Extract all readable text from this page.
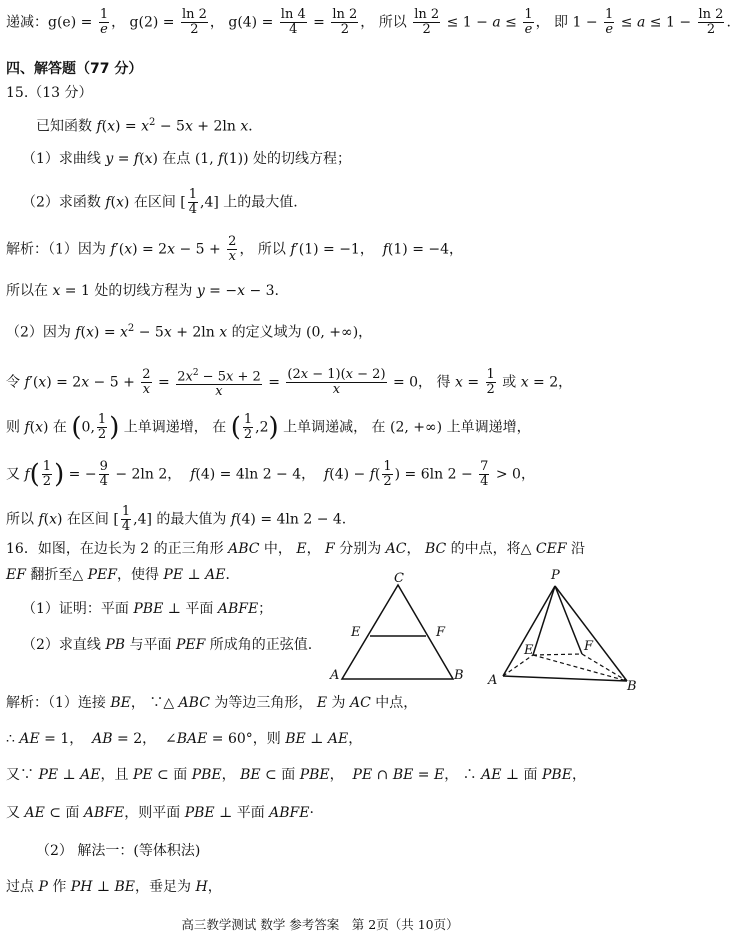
递减：$g(e) = \frac{1}{e}$ ， $g(2) = \frac{\ln 2}{2}$ ， $g(4) = \frac{\ln 4}{4} = \frac{\ln 2}{2}$ ， 所以 $\frac{\ln 2}{2} \le 1 - a \le \frac{1}{e}$ ， 即 $1 - \frac{1}{e} \le a \le 1 - \frac{\ln 2}{2}$ .
四、解答题（77 分）
15.（13 分）
已知函数 $f(x) = x^2 - 5x + 2\ln$ x．
（1）求曲线 y = f(x) 在点 (1, f(1)) 处的切线方程；
（2）求函数 f(x) 在区间 [ $\frac{1}{4} ,4$] 上的最大值.
解析：（1）因为 $f'(x) = 2x - 5 + \frac{2}{x}$ ， 所以 f′(1) = −1，  f(1) = −4，
所以在 x = 1 处的切线方程为 y = −x − 3.
（2）因为 $f(x) = x^2 - 5x + 2\ln$ x 的定义域为 (0, +∞)，
令 $f'(x) = 2x - 5 + \frac{2}{x} = \frac{2x^2 - 5x + 2}{x} = \frac{(2x - 1)(x - 2)}{x} = 0$， 得 $x = \frac{1}{2}$ 或 x = 2，
则 f(x) 在 (0, $\frac{1}{2}$ ) 上单调递增， 在 ( $\frac{1}{2} ,2$) 上单调递减， 在 (2, +∞) 上单调递增，
又 $f( \frac{1}{2}$ ) = − $\frac{9}{4} - 2\ln$ 2，  f(4) = 4ln 2 − 4，  $f(4) - f( \frac{1}{2}$ ) = 6ln $2 - \frac{7}{4} > 0$，
所以 f(x) 在区间 [ $\frac{1}{4} ,4$] 的最大值为 f(4) = 4ln 2 − 4.
16．如图，在边长为 2 的正三角形 ABC 中， E， F 分别为 AC， BC 的中点，将△ CEF 沿
EF 翻折至△ PEF，使得 PE ⊥ AE．
（1）证明：平面 PBE ⊥ 平面 ABFE；
（2）求直线 PB 与平面 PEF 所成角的正弦值.
C
E	F
A	B
P
E	F
A	B
解析：（1）连接 BE， ∵△ ABC 为等边三角形， E 为 AC 中点，
∴ AE = 1，  AB = 2，  ∠BAE = 60°，则 BE ⊥ AE，
又∵ PE ⊥ AE，且 PE ⊂ 面 PBE， BE ⊂ 面 PBE，  PE ∩ BE = E， ∴ AE ⊥ 面 PBE，
又 AE ⊂ 面 ABFE，则平面 PBE ⊥ 平面 ABFE·
（2） 解法一：(等体积法)
过点 P 作 PH ⊥ BE，垂足为 H，
高三教学测试 数学 参考答案　第 2页（共 10页）
